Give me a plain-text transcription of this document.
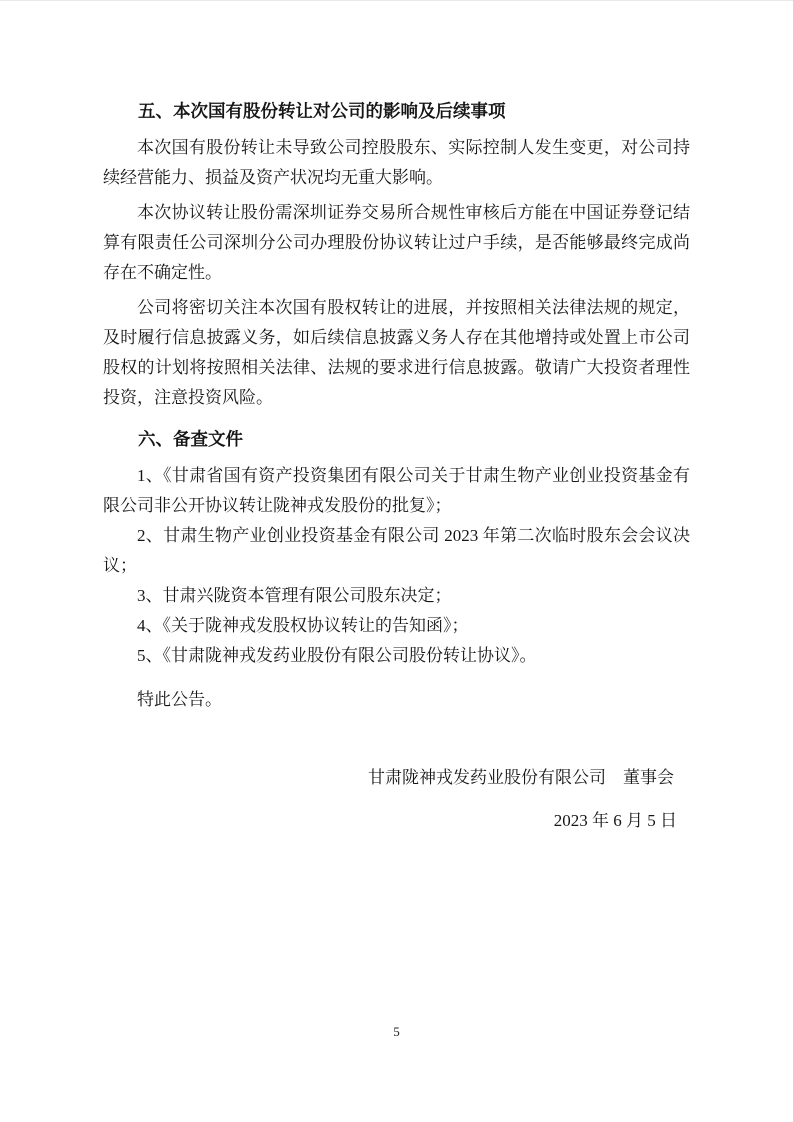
五、本次国有股份转让对公司的影响及后续事项

本次国有股份转让未导致公司控股股东、实际控制人发生变更，对公司持续经营能力、损益及资产状况均无重大影响。

本次协议转让股份需深圳证券交易所合规性审核后方能在中国证券登记结算有限责任公司深圳分公司办理股份协议转让过户手续，是否能够最终完成尚存在不确定性。

公司将密切关注本次国有股权转让的进展，并按照相关法律法规的规定，及时履行信息披露义务，如后续信息披露义务人存在其他增持或处置上市公司股权的计划将按照相关法律、法规的要求进行信息披露。敬请广大投资者理性投资，注意投资风险。

六、备查文件

1、《甘肃省国有资产投资集团有限公司关于甘肃生物产业创业投资基金有限公司非公开协议转让陇神戎发股份的批复》；

2、甘肃生物产业创业投资基金有限公司 2023 年第二次临时股东会会议决议；

3、甘肃兴陇资本管理有限公司股东决定；

4、《关于陇神戎发股权协议转让的告知函》；

5、《甘肃陇神戎发药业股份有限公司股份转让协议》。

特此公告。

甘肃陇神戎发药业股份有限公司　董事会

2023 年 6 月 5 日

5
